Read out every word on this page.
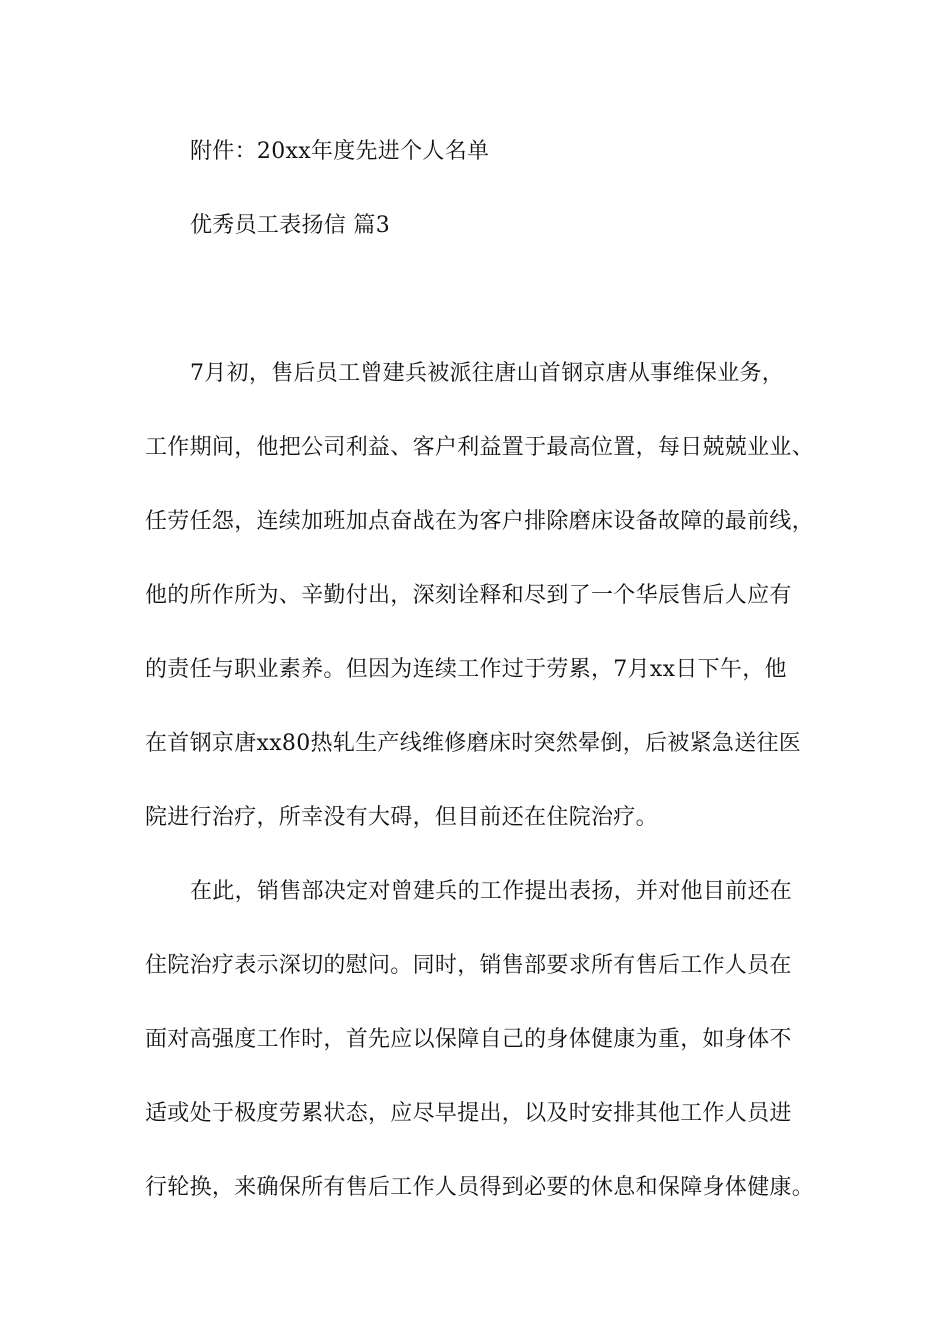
附件：20xx年度先进个人名单
优秀员工表扬信 篇3
7月初，售后员工曾建兵被派往唐山首钢京唐从事维保业务，
工作期间，他把公司利益、客户利益置于最高位置，每日兢兢业业、
任劳任怨，连续加班加点奋战在为客户排除磨床设备故障的最前线，
他的所作所为、辛勤付出，深刻诠释和尽到了一个华辰售后人应有
的责任与职业素养。但因为连续工作过于劳累，7月xx日下午，他
在首钢京唐xx80热轧生产线维修磨床时突然晕倒，后被紧急送往医
院进行治疗，所幸没有大碍，但目前还在住院治疗。
在此，销售部决定对曾建兵的工作提出表扬，并对他目前还在
住院治疗表示深切的慰问。同时，销售部要求所有售后工作人员在
面对高强度工作时，首先应以保障自己的身体健康为重，如身体不
适或处于极度劳累状态，应尽早提出，以及时安排其他工作人员进
行轮换，来确保所有售后工作人员得到必要的休息和保障身体健康。
